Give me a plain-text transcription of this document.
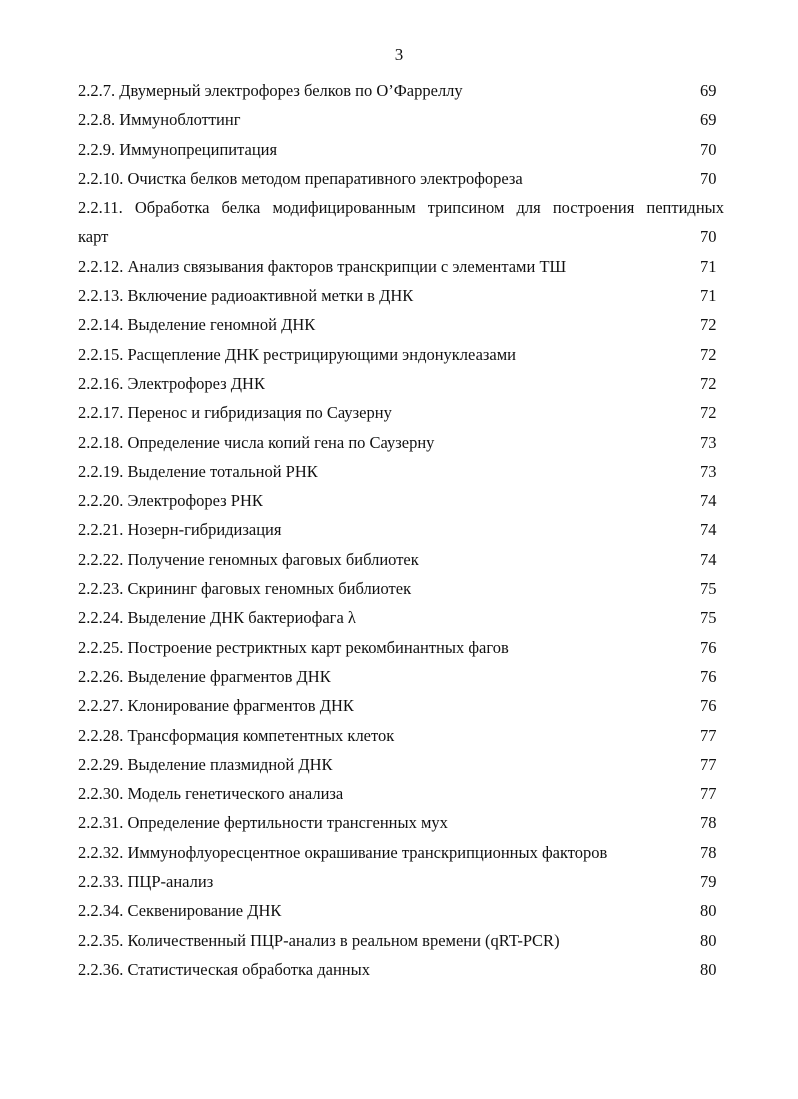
3
2.2.7. Двумерный электрофорез белков по О’Фарреллу	69
2.2.8. Иммуноблоттинг	69
2.2.9. Иммунопреципитация	70
2.2.10. Очистка белков методом препаративного электрофореза	70
2.2.11. Обработка белка модифицированным трипсином для построения пептидных
карт	70
2.2.12. Анализ связывания факторов транскрипции с элементами ТШ	71
2.2.13. Включение радиоактивной метки в ДНК	71
2.2.14. Выделение геномной ДНК	72
2.2.15. Расщепление ДНК рестрицирующими эндонуклеазами	72
2.2.16. Электрофорез ДНК	72
2.2.17. Перенос и гибридизация по Саузерну	72
2.2.18. Определение числа копий гена по Саузерну	73
2.2.19. Выделение тотальной РНК	73
2.2.20. Электрофорез РНК	74
2.2.21. Нозерн-гибридизация	74
2.2.22. Получение геномных фаговых библиотек	74
2.2.23. Скрининг фаговых геномных библиотек	75
2.2.24. Выделение ДНК бактериофага λ	75
2.2.25. Построение рестриктных карт рекомбинантных фагов	76
2.2.26. Выделение фрагментов ДНК	76
2.2.27. Клонирование фрагментов ДНК	76
2.2.28. Трансформация компетентных клеток	77
2.2.29. Выделение плазмидной ДНК	77
2.2.30. Модель генетического анализа	77
2.2.31. Определение фертильности трансгенных мух	78
2.2.32. Иммунофлуоресцентное окрашивание транскрипционных факторов	78
2.2.33. ПЦР-анализ	79
2.2.34. Секвенирование ДНК	80
2.2.35. Количественный ПЦР-анализ в реальном времени (qRT-PCR)	80
2.2.36. Статистическая обработка данных	80
